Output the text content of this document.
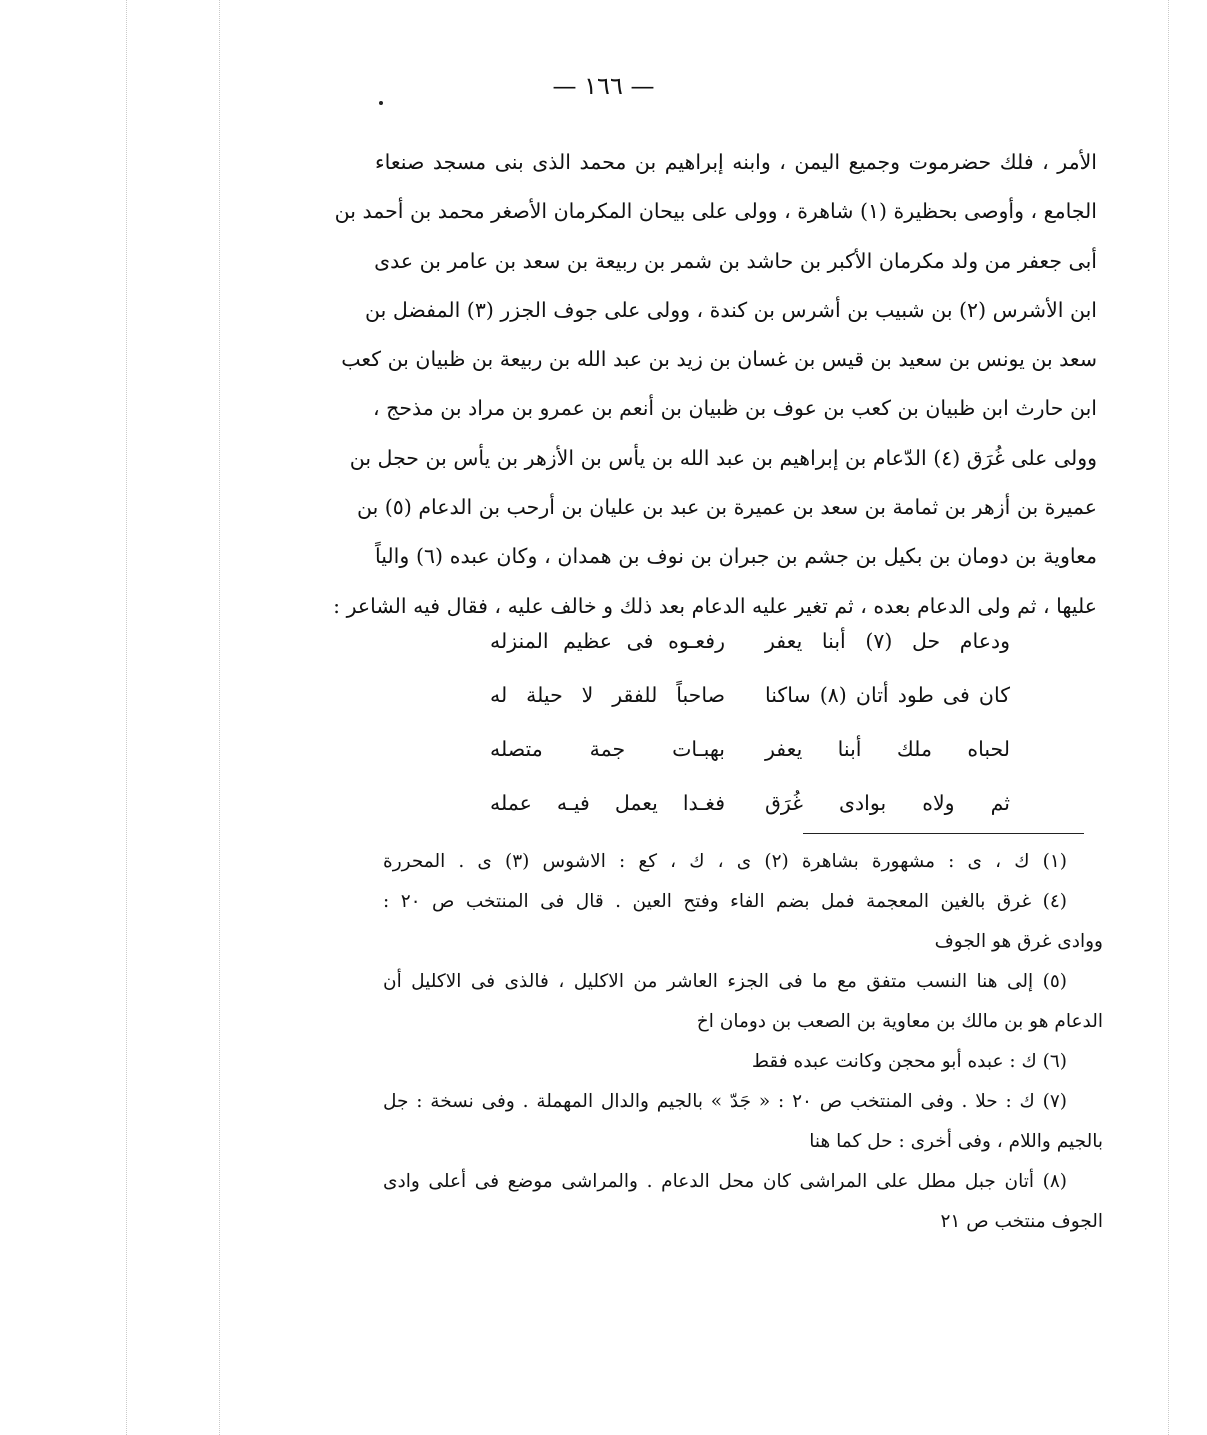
— ١٦٦ —
الأمر ، فلك حضرموت وجميع اليمن ، وابنه إبراهيم بن محمد الذى بنى مسجد صنعاء
الجامع ، وأوصى بحظيرة (١) شاهرة ، وولى على بيحان المكرمان الأصغر محمد بن أحمد بن
أبى جعفر من ولد مكرمان الأكبر بن حاشد بن شمر بن ربيعة بن سعد بن عامر بن عدى
ابن الأشرس (٢) بن شبيب بن أشرس بن كندة ، وولى على جوف الجزر (٣) المفضل بن
سعد بن يونس بن سعيد بن قيس بن غسان بن زيد بن عبد الله بن ربيعة بن ظبيان بن كعب
ابن حارث ابن ظبيان بن كعب بن عوف بن ظبيان بن أنعم بن عمرو بن مراد بن مذحج ،
وولى على غُرَق (٤) الدّعام بن إبراهيم بن عبد الله بن يأس بن الأزهر بن يأس بن حجل بن
عميرة بن أزهر بن ثمامة بن سعد بن عميرة بن عبد بن عليان بن أرحب بن الدعام (٥) بن
معاوية بن دومان بن بكيل بن جشم بن جبران بن نوف بن همدان ، وكان عبده (٦) والياً
عليها ، ثم ولى الدعام بعده ، ثم تغير عليه الدعام بعد ذلك و خالف عليه ، فقال فيه الشاعر :
ودعام حل (٧) أبنا يعفر
رفعـوه فى عظيم المنزله
كان فى طود أتان (٨) ساكنا
صاحباً للفقر لا حيلة له
لحباه ملك أبنا يعفر
بهبـات جمة متصله
ثم ولاه بوادى غُرَق
فغـدا يعمل فيـه عمله
(١) ك ، ى : مشهورة بشاهرة (٢) ى ، ك ، كع : الاشوس (٣) ى . المحررة
(٤) غرق بالغين المعجمة فمل بضم الفاء وفتح العين . قال فى المنتخب ص ٢٠ :
ووادى غرق هو الجوف
(٥) إلى هنا النسب متفق مع ما فى الجزء العاشر من الاكليل ، فالذى فى الاكليل أن
الدعام هو بن مالك بن معاوية بن الصعب بن دومان اخ
(٦) ك : عبده أبو محجن وكانت عبده فقط
(٧) ك : حلا . وفى المنتخب ص ٢٠ : « جَدّ » بالجيم والدال المهملة . وفى نسخة : جل
بالجيم واللام ، وفى أخرى : حل كما هنا
(٨) أتان جبل مطل على المراشى كان محل الدعام . والمراشى موضع فى أعلى وادى
الجوف منتخب ص ٢١
